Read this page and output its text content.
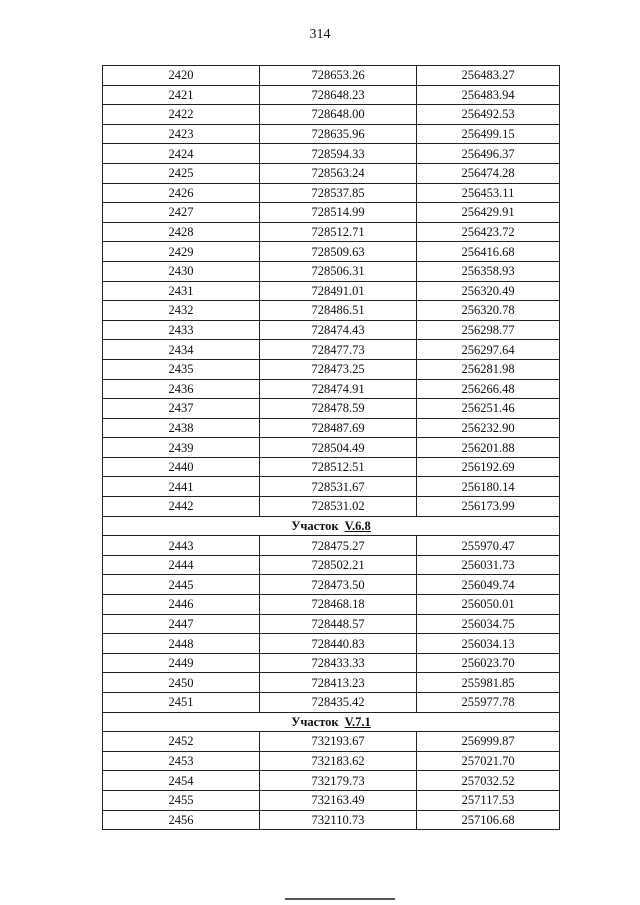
314
2420	728653.26	256483.27
2421	728648.23	256483.94
2422	728648.00	256492.53
2423	728635.96	256499.15
2424	728594.33	256496.37
2425	728563.24	256474.28
2426	728537.85	256453.11
2427	728514.99	256429.91
2428	728512.71	256423.72
2429	728509.63	256416.68
2430	728506.31	256358.93
2431	728491.01	256320.49
2432	728486.51	256320.78
2433	728474.43	256298.77
2434	728477.73	256297.64
2435	728473.25	256281.98
2436	728474.91	256266.48
2437	728478.59	256251.46
2438	728487.69	256232.90
2439	728504.49	256201.88
2440	728512.51	256192.69
2441	728531.67	256180.14
2442	728531.02	256173.99
Участок V.6.8		
2443	728475.27	255970.47
2444	728502.21	256031.73
2445	728473.50	256049.74
2446	728468.18	256050.01
2447	728448.57	256034.75
2448	728440.83	256034.13
2449	728433.33	256023.70
2450	728413.23	255981.85
2451	728435.42	255977.78
Участок V.7.1		
2452	732193.67	256999.87
2453	732183.62	257021.70
2454	732179.73	257032.52
2455	732163.49	257117.53
2456	732110.73	257106.68
